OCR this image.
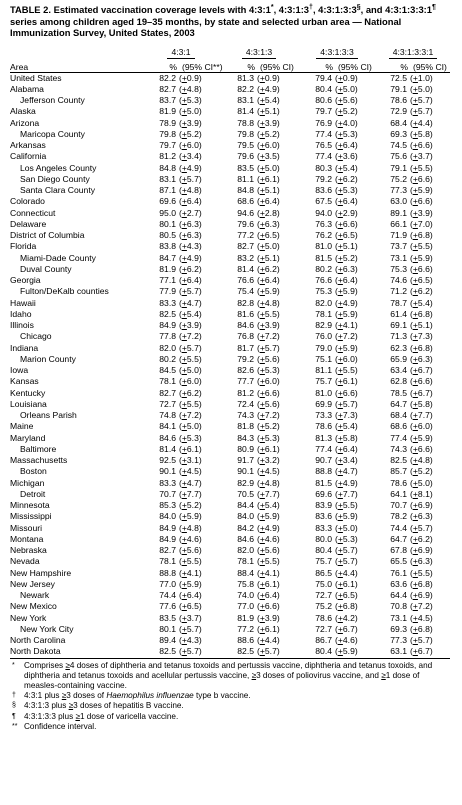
TABLE 2. Estimated vaccination coverage levels with 4:3:1*, 4:3:1:3†, 4:3:1:3:3§, and 4:3:1:3:3:1¶ series among children aged 19–35 months, by state and selected urban area — National Immunization Survey, United States, 2003
	4:3:1		4:3:1:3		4:3:1:3:3		4:3:1:3:3:1	
Area	%	(95% CI**)	%	(95% CI)	%	(95% CI)	%	(95% CI)
United States	82.2	(+0.9)	81.3	(+0.9)	79.4	(+0.9)	72.5	(+1.0)
Alabama	82.7	(+4.8)	82.2	(+4.9)	80.4	(+5.0)	79.1	(+5.0)
Jefferson County	83.7	(+5.3)	83.1	(+5.4)	80.6	(+5.6)	78.6	(+5.7)
Alaska	81.9	(+5.0)	81.4	(+5.1)	79.7	(+5.2)	72.9	(+5.7)
Arizona	78.9	(+3.9)	78.8	(+3.9)	76.9	(+4.0)	68.4	(+4.4)
Maricopa County	79.8	(+5.2)	79.8	(+5.2)	77.4	(+5.3)	69.3	(+5.8)
Arkansas	79.7	(+6.0)	79.5	(+6.0)	76.5	(+6.4)	74.5	(+6.6)
California	81.2	(+3.4)	79.6	(+3.5)	77.4	(+3.6)	75.6	(+3.7)
Los Angeles County	84.8	(+4.9)	83.5	(+5.0)	80.3	(+5.4)	79.1	(+5.5)
San Diego County	83.1	(+5.7)	81.1	(+6.1)	79.2	(+6.2)	75.2	(+6.6)
Santa Clara County	87.1	(+4.8)	84.8	(+5.1)	83.6	(+5.3)	77.3	(+5.9)
Colorado	69.6	(+6.4)	68.6	(+6.4)	67.5	(+6.4)	63.0	(+6.6)
Connecticut	95.0	(+2.7)	94.6	(+2.8)	94.0	(+2.9)	89.1	(+3.9)
Delaware	80.1	(+6.3)	79.6	(+6.3)	76.3	(+6.6)	66.1	(+7.0)
District of Columbia	80.5	(+6.3)	77.2	(+6.5)	76.2	(+6.5)	71.9	(+6.8)
Florida	83.8	(+4.3)	82.7	(+5.0)	81.0	(+5.1)	73.7	(+5.5)
Miami-Dade County	84.7	(+4.9)	83.2	(+5.1)	81.5	(+5.2)	73.1	(+5.9)
Duval County	81.9	(+6.2)	81.4	(+6.2)	80.2	(+6.3)	75.3	(+6.6)
Georgia	77.1	(+6.4)	76.6	(+6.4)	76.6	(+6.4)	74.6	(+6.5)
Fulton/DeKalb counties	77.9	(+5.7)	75.4	(+5.9)	75.3	(+5.9)	71.2	(+6.2)
Hawaii	83.3	(+4.7)	82.8	(+4.8)	82.0	(+4.9)	78.7	(+5.4)
Idaho	82.5	(+5.4)	81.6	(+5.5)	78.1	(+5.9)	61.4	(+6.8)
Illinois	84.9	(+3.9)	84.6	(+3.9)	82.9	(+4.1)	69.1	(+5.1)
Chicago	77.8	(+7.2)	76.8	(+7.2)	76.0	(+7.2)	71.3	(+7.3)
Indiana	82.0	(+5.7)	81.7	(+5.7)	79.0	(+5.9)	62.3	(+6.8)
Marion County	80.2	(+5.5)	79.2	(+5.6)	75.1	(+6.0)	65.9	(+6.3)
Iowa	84.5	(+5.0)	82.6	(+5.3)	81.1	(+5.5)	63.4	(+6.7)
Kansas	78.1	(+6.0)	77.7	(+6.0)	75.7	(+6.1)	62.8	(+6.6)
Kentucky	82.7	(+6.2)	81.2	(+6.6)	81.0	(+6.6)	78.5	(+6.7)
Louisiana	72.7	(+5.5)	72.4	(+5.6)	69.9	(+5.7)	64.7	(+5.8)
Orleans Parish	74.8	(+7.2)	74.3	(+7.2)	73.3	(+7.3)	68.4	(+7.7)
Maine	84.1	(+5.0)	81.8	(+5.2)	78.6	(+5.4)	68.6	(+6.0)
Maryland	84.6	(+5.3)	84.3	(+5.3)	81.3	(+5.8)	77.4	(+5.9)
Baltimore	81.4	(+6.1)	80.9	(+6.1)	77.4	(+6.4)	74.3	(+6.6)
Massachusetts	92.5	(+3.1)	91.7	(+3.2)	90.7	(+3.4)	82.5	(+4.8)
Boston	90.1	(+4.5)	90.1	(+4.5)	88.8	(+4.7)	85.7	(+5.2)
Michigan	83.3	(+4.7)	82.9	(+4.8)	81.5	(+4.9)	78.6	(+5.0)
Detroit	70.7	(+7.7)	70.5	(+7.7)	69.6	(+7.7)	64.1	(+8.1)
Minnesota	85.3	(+5.2)	84.4	(+5.4)	83.9	(+5.5)	70.7	(+6.9)
Mississippi	84.0	(+5.9)	84.0	(+5.9)	83.6	(+5.9)	78.2	(+6.3)
Missouri	84.9	(+4.8)	84.2	(+4.9)	83.3	(+5.0)	74.4	(+5.7)
Montana	84.9	(+4.6)	84.6	(+4.6)	80.0	(+5.3)	64.7	(+6.2)
Nebraska	82.7	(+5.6)	82.0	(+5.6)	80.4	(+5.7)	67.8	(+6.9)
Nevada	78.1	(+5.5)	78.1	(+5.5)	75.7	(+5.7)	65.5	(+6.3)
New Hampshire	88.8	(+4.1)	88.4	(+4.1)	86.5	(+4.4)	76.1	(+5.5)
New Jersey	77.0	(+5.9)	75.8	(+6.1)	75.0	(+6.1)	63.6	(+6.8)
Newark	74.4	(+6.4)	74.0	(+6.4)	72.7	(+6.5)	64.4	(+6.9)
New Mexico	77.6	(+6.5)	77.0	(+6.6)	75.2	(+6.8)	70.8	(+7.2)
New York	83.5	(+3.7)	81.9	(+3.9)	78.6	(+4.2)	73.1	(+4.5)
New York City	80.1	(+5.7)	77.2	(+6.1)	72.7	(+6.7)	69.3	(+6.8)
North Carolina	89.4	(+4.3)	88.6	(+4.4)	86.7	(+4.6)	77.3	(+5.7)
North Dakota	82.5	(+5.7)	82.5	(+5.7)	80.4	(+5.9)	63.1	(+6.7)
* Comprises ≥4 doses of diphtheria and tetanus toxoids and pertussis vaccine, diphtheria and tetanus toxoids, and diphtheria and tetanus toxoids and acellular pertussis vaccine, ≥3 doses of poliovirus vaccine, and ≥1 dose of measles-containing vaccine.
† 4:3:1 plus ≥3 doses of Haemophilus influenzae type b vaccine.
§ 4:3:1:3 plus ≥3 doses of hepatitis B vaccine.
¶ 4:3:1:3:3 plus ≥1 dose of varicella vaccine.
** Confidence interval.
